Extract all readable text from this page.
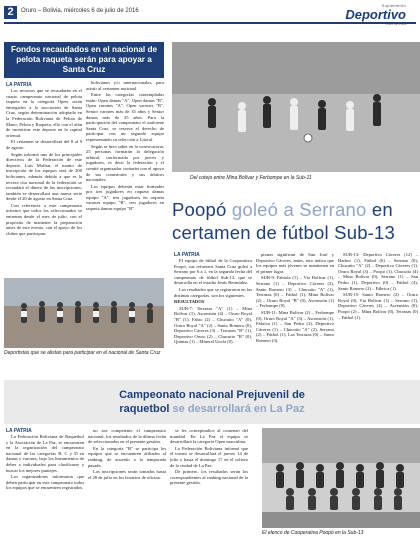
2	Oruro – Bolivia, miércoles 6 de julio de 2016
Suplemento
Deportivo
Fondos recaudados en el nacional de pelota raqueta serán para apoyar a Santa Cruz
LA PATRIA

Los recursos que se recaudarán en el cuarto campeonato nacional de pelota raqueta en la categoría Open, serán entregados a la asociación de Santa Cruz, según determinación adoptada en la Federación Boliviana de Pelota de Mano, Pelota y Raqueta, ello con el afán de incentivar este deporte en la capital oriental.

El certamen se desarrollará del 8 al 9 de agosto.

Según informó uno de los principales directivos de la Federación de este deporte, Luis Mollan, el monto de inscripción de los equipos será de 200 bolivianos, además debido a que es la tercera cita nacional de la federación se recaudará el dinero de las inscripciones, también se desarrollará una nueva serie desde el 20 de agosto en Santa Cruz.

Con referencia a este campeonato informó que todos los seleccionados se entrenan desde el mes de julio, con el propósito de mantener la preparación antes de este evento, con el apoyo de los clubes que participan.

bolivianos y/o internacionales, para asistir al certamen nacional.

Entre las categorías contempladas están: Open damas "A", Open damas "B", Open varones "A", Open varones "B", Senior varones más de 35 años y Senior damas más de 35 años. Para la participación del campeonato el uniforme Santa Cruz, se reserva el derecho de participar con un segundo equipo representando su selección a Litoral.

Según se hizo saber en la convocatoria, 25 personas formarán la delegación arbitral, conformada por jueces y jugadores, es decir la federación y el comité organizador contarán con el apoyo de sus comisiones y sus árbitros nacionales.

Los equipos deberán estar formados por tres jugadores en raqueta damas equipo "A", tres jugadores en raqueta varones equipo "B", tres jugadores en raqueta damas equipo "B".

Deportistas que se alistan para participar en el nacional de Santa Cruz
Del cotejo entre Mina Bolívar y Ferbompe en la Sub-11
Poopó goleó a Serrano en
certamen de fútbol Sub-13
LA PATRIA

El equipo de fútbol de la Cooperativa Poopó, sus refuerzos Santa Cruz goleó a Serrano por 6 a 1, en la segunda fecha del campeonato de fútbol Sub-13, que se desarrolla en el estadio Jesús Bermúdez.

Los resultados que se registraron en las distintas categorías, son los siguientes.

RESULTADOS

SUB-7: Terrazas "A" (1) – Mina Bolívar (1), Ascensión (4) – Oruro Royal "B" (1), Fabio (2) – Chucuito "A" (0), Oruro Royal "A" (2) – Santo Romero (0), Deportivo Cáceres (3) – Terrazas "B" (1), Deportivo Oruro (2) – Chucuito "B" (0), Quintas (1) – Mineral Uncía (0).

pionas significan de Sun José y Deportivo Cáceres, antes, esto indica que los equipos más jóvenes se mantienen en el primer lugar.

SUB-9: Fabiola (1) – Vía Bolívar (1), Serrano (1) – Deportivo Cáceres (2), Santo Romero (3) – Chucuito "A" (1), Terrazas (0) – Fútbol (1), Mina Bolívar (2) – Oruro Royal "B" (0), Ascensión (1) – Ferbompe (0).

SUB-11: Mina Bolívar (2) – Ferbompe (0), Oruro Royal "A" (3) – Ascensión (1), Fábrica (1) – San Pedro (2), Deportivo Cáceres (1) – Chucuito "A" (2), Serrano (2) – Fútbol (1), Las Terrazas (0) – Santo Romero (3).

SUB-13: Deportivo Cáceres (12) – Harbor (1), Fútbol (6) – Serrano (0), Chucuito "A" (2) – Deportivo Cáceres (1), Oruro Royal (3) – Poopó (1), Chucuito (4) – Mina Bolívar (0), Serrano (1) – San Pedro (1), Deportivo (0) – Fútbol (4), Santo Romero (2) – Fábrica (1).

SUB-15: Santo Romero (2) – Oruro Royal (0), Vía Bolívar (1) – Serrano (1), Deportivo Cáceres (4) – Ascensión (0), Poopó (2) – Mina Bolívar (0), Terrazas (0) – Fútbol (1).

Campeonato nacional Prejuvenil de
raquetbol se desarrollará en La Paz
LA PATRIA

La Federación Boliviana de Raquetbol y la Asociación de La Paz, se encuentran en la organización del campeonato nacional de las categorías B, C y D en damas y varones, bajo los lineamientos de deber a individuales para clasificarse y buscar los mejores puntajes.

Los organizadores informaron que deben participar en este campeonato todos los equipos que se encuentren registrados.

no sea competente el campeonato nacional, los resultados de la última fecha de seleccionados en el presente gestión.

En la categoría "B" se participa los equipos que se encuentren afiliados al ranking, de acuerdo a la temporada pasada.

Las inscripciones serán tomadas hasta el 28 de julio en los horarios de oficina.

se les conceptualice al comenzó del mundial. En La Paz el equipo se desarrollará la categoría Open masculina.

La Federación Boliviana informó que el torneo se desarrollará el jueves 14 de julio y hasta el domingo 17 en el coliseo de la ciudad de La Paz.

De primero, los resultados serán los correspondientes al ranking nacional de la presente gestión.

El elenco de Cooperativa Poopó en la Sub-13
